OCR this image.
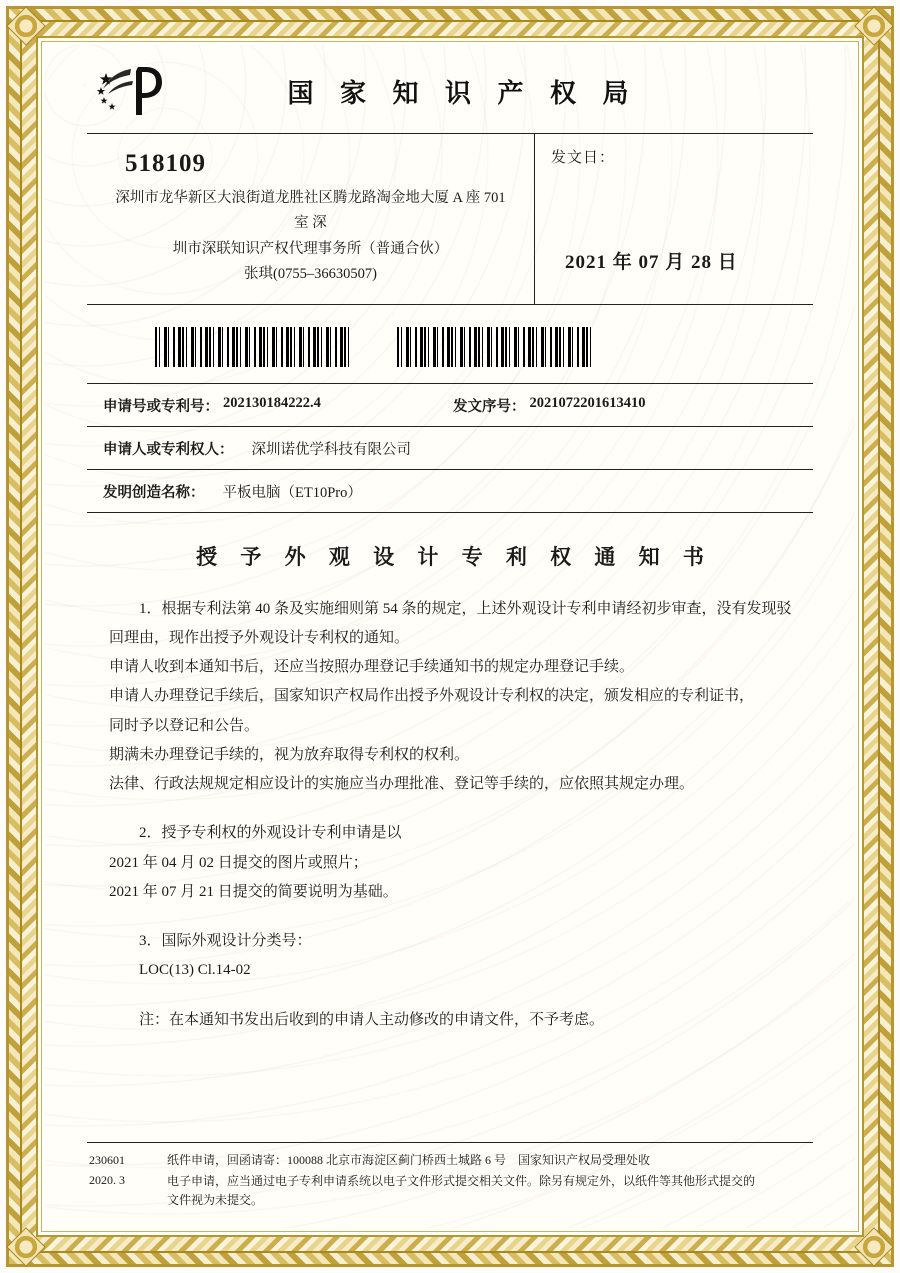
国 家 知 识 产 权 局
518109
深圳市龙华新区大浪街道龙胜社区腾龙路淘金地大厦 A 座 701 室 深
圳市深联知识产权代理事务所（普通合伙）
张琪(0755–36630507)
发文日：
2021 年 07 月 28 日
申请号或专利号： 202130184222.4	发文序号： 2021072201613410
申请人或专利权人： 深圳诺优学科技有限公司
发明创造名称： 平板电脑（ET10Pro）
授 予 外 观 设 计 专 利 权 通 知 书

1．根据专利法第 40 条及实施细则第 54 条的规定，上述外观设计专利申请经初步审查，没有发现驳

回理由，现作出授予外观设计专利权的通知。

申请人收到本通知书后，还应当按照办理登记手续通知书的规定办理登记手续。

申请人办理登记手续后，国家知识产权局作出授予外观设计专利权的决定，颁发相应的专利证书，

同时予以登记和公告。

期满未办理登记手续的，视为放弃取得专利权的权利。

法律、行政法规规定相应设计的实施应当办理批准、登记等手续的，应依照其规定办理。

2．授予专利权的外观设计专利申请是以

2021 年 04 月 02 日提交的图片或照片；

2021 年 07 月 21 日提交的简要说明为基础。

3．国际外观设计分类号：

LOC(13) Cl.14-02

注：在本通知书发出后收到的申请人主动修改的申请文件，不予考虑。

230601
2020. 3
纸件申请，回函请寄：100088 北京市海淀区蓟门桥西土城路 6 号　国家知识产权局受理处收
电子申请，应当通过电子专利申请系统以电子文件形式提交相关文件。除另有规定外，以纸件等其他形式提交的
文件视为未提交。
